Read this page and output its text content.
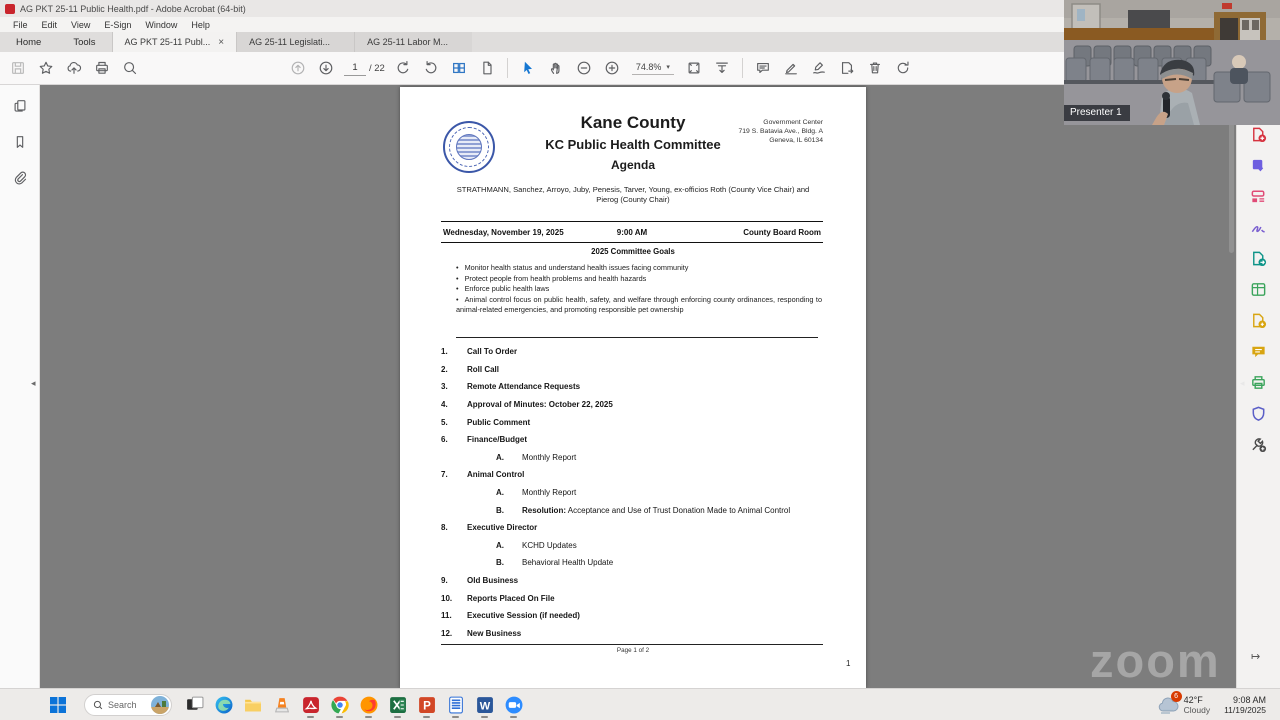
AG PKT 25-11 Public Health.pdf - Adobe Acrobat (64-bit)
File	Edit	View	E-Sign	Window	Help
Home	Tools	AG PKT 25-11 Publ... ×	AG 25-11 Legislati...	AG 25-11 Labor M...
1
/ 22	74.8% ▾
◂
Kane County
KC Public Health Committee
Agenda
Government Center
719 S. Batavia Ave., Bldg. A
Geneva, IL 60134
STRATHMANN, Sanchez, Arroyo, Juby, Penesis, Tarver, Young, ex-officios Roth (County Vice Chair) and Pierog (County Chair)
Wednesday, November 19, 2025	9:00 AM	County Board Room
2025 Committee Goals
• Monitor health status and understand health issues facing community
• Protect people from health problems and health hazards
• Enforce public health laws
• Animal control focus on public health, safety, and welfare through enforcing county ordinances, responding to animal-related emergencies, and promoting responsible pet ownership
1.	Call To Order
2.	Roll Call
3.	Remote Attendance Requests
4.	Approval of Minutes: October 22, 2025
5.	Public Comment
6.	Finance/Budget
A.	Monthly Report
7.	Animal Control
A.	Monthly Report
B.	Resolution: Acceptance and Use of Trust Donation Made to Animal Control
8.	Executive Director
A.	KCHD Updates
B.	Behavioral Health Update
9.	Old Business
10.	Reports Placed On File
11.	Executive Session (if needed)
12.	New Business
Page 1 of 2
1	zoom
◂
↦
Presenter 1
Search	P	W
6 42°F
Cloudy
9:08 AM
11/19/2025
